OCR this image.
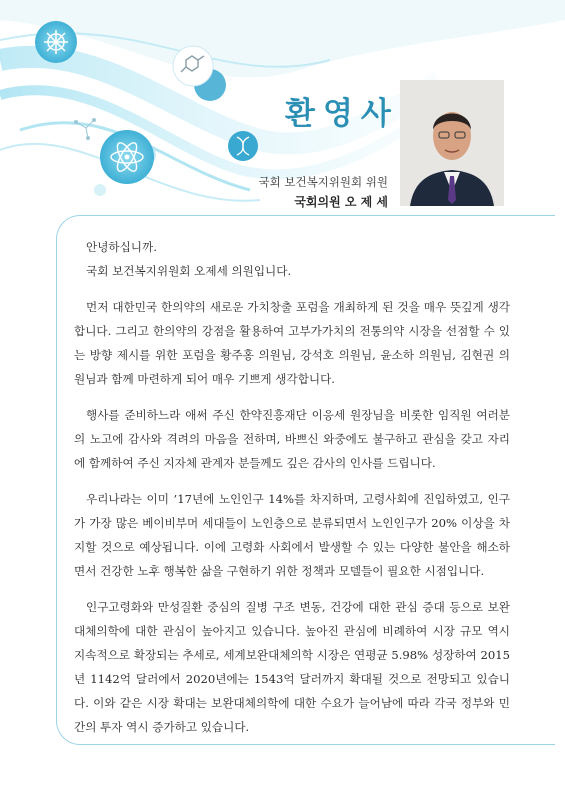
환영사
국회 보건복지위원회 위원
국회의원 오 제 세
안녕하십니까.
국회 보건복지위원회 오제세 의원입니다.

먼저 대한민국 한의약의 새로운 가치창출 포럼을 개최하게 된 것을 매우 뜻깊게 생각합니다. 그리고 한의약의 강점을 활용하여 고부가가치의 전통의약 시장을 선점할 수 있는 방향 제시를 위한 포럼을 황주홍 의원님, 강석호 의원님, 윤소하 의원님, 김현권 의원님과 함께 마련하게 되어 매우 기쁘게 생각합니다.

행사를 준비하느라 애써 주신 한약진흥재단 이응세 원장님을 비롯한 임직원 여러분의 노고에 감사와 격려의 마음을 전하며, 바쁘신 와중에도 불구하고 관심을 갖고 자리에 함께하여 주신 지자체 관계자 분들께도 깊은 감사의 인사를 드립니다.

우리나라는 이미 ’17년에 노인인구 14%를 차지하며, 고령사회에 진입하였고, 인구가 가장 많은 베이비부머 세대들이 노인층으로 분류되면서 노인인구가 20% 이상을 차지할 것으로 예상됩니다. 이에 고령화 사회에서 발생할 수 있는 다양한 불안을 해소하면서 건강한 노후 행복한 삶을 구현하기 위한 정책과 모델들이 필요한 시점입니다.

인구고령화와 만성질환 중심의 질병 구조 변동, 건강에 대한 관심 증대 등으로 보완대체의학에 대한 관심이 높아지고 있습니다. 높아진 관심에 비례하여 시장 규모 역시 지속적으로 확장되는 추세로, 세계보완대체의학 시장은 연평균 5.98% 성장하여 2015년 1142억 달러에서 2020년에는 1543억 달러까지 확대될 것으로 전망되고 있습니다. 이와 같은 시장 확대는 보완대체의학에 대한 수요가 늘어남에 따라 각국 정부와 민간의 투자 역시 증가하고 있습니다.
